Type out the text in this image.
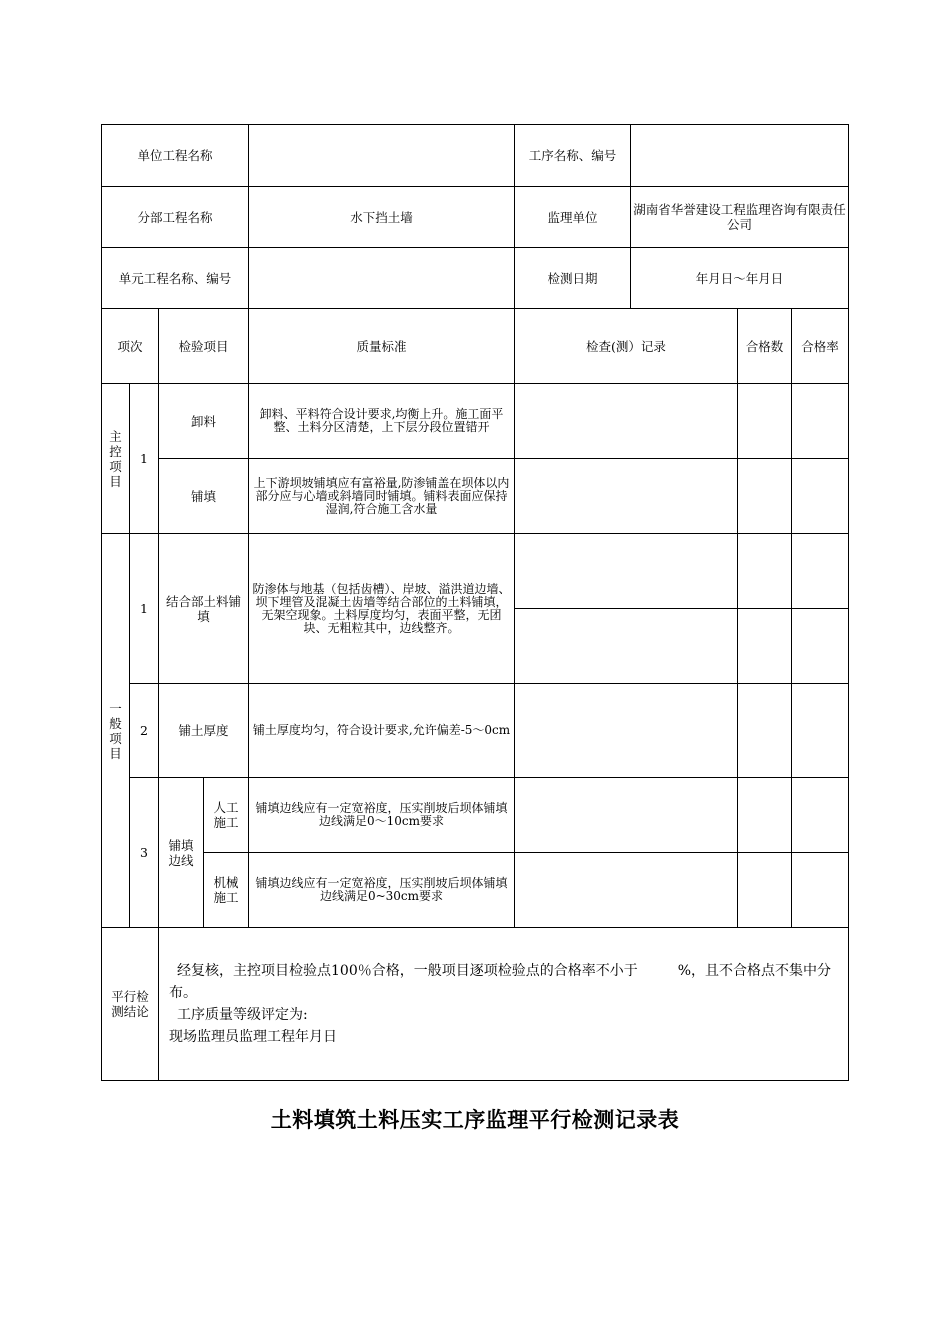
单位工程名称					工序名称、编号			
分部工程名称				水下挡土墙	监理单位	湖南省华誉建设工程监理咨询有限责任公司		
单元工程名称、编号					检测日期	年月日～年月日		
项次		检验项目		质量标准	检查(测）记录		合格数	合格率

主控项目	1	卸料		卸料、平料符合设计要求,均衡上升。施工面平整、土料分区清楚，上下层分段位置错开				
		铺填		上下游坝坡铺填应有富裕量,防渗铺盖在坝体以内部分应与心墙或斜墙同时铺填。铺料表面应保持湿润,符合施工含水量				

一般项目	1	结合部土料铺填		防渗体与地基（包括齿槽）、岸坡、溢洪道边墙、坝下埋管及混凝土齿墙等结合部位的土料铺填，无架空现象。土料厚度均匀，表面平整，无团块、无粗粒其中，边线整齐。				

	2	铺土厚度		铺土厚度均匀，符合设计要求,允许偏差-5～0cm				
	3	铺填边线	人工施工	铺填边线应有一定宽裕度，压实削坡后坝体铺填边线满足0～10cm要求				

			机械施工	铺填边线应有一定宽裕度，压实削坡后坝体铺填边线满足0~30cm要求				

平行检测结论		经复核，主控项目检验点100％合格，一般项目逐项检验点的合格率不小于 %，且不合格点不集中分布。
工序质量等级评定为:
现场监理员监理工程年月日						
土料填筑土料压实工序监理平行检测记录表
